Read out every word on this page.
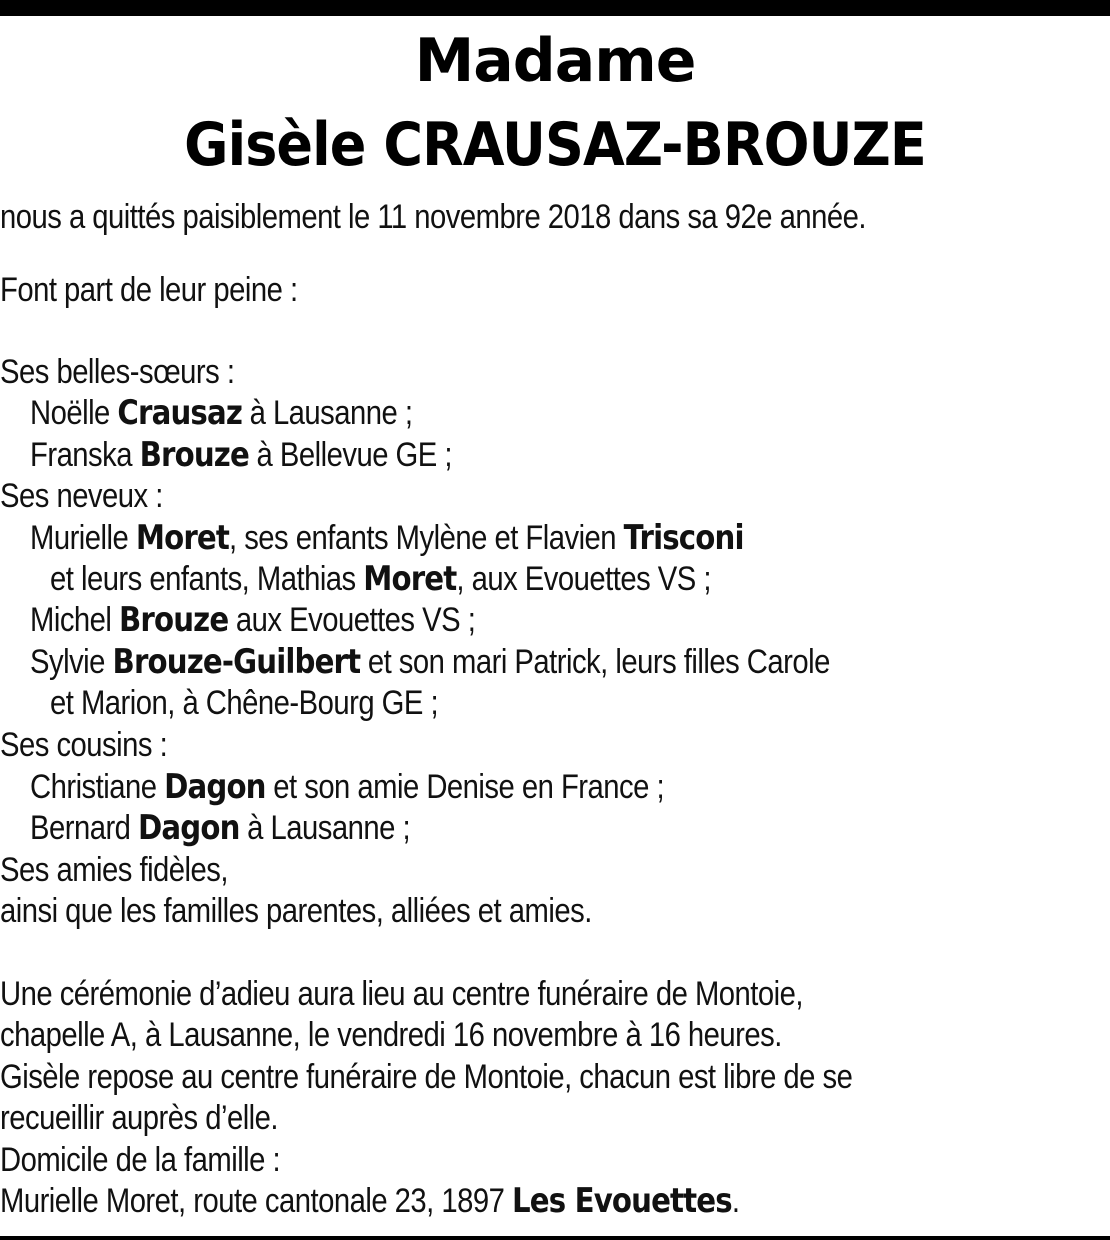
Madame
Gisèle CRAUSAZ-BROUZE
nous a quittés paisiblement le 11 novembre 2018 dans sa 92e année.
Font part de leur peine :
Ses belles-sœurs :
Noëlle Crausaz à Lausanne ;
Franska Brouze à Bellevue GE ;
Ses neveux :
Murielle Moret, ses enfants Mylène et Flavien Trisconi
et leurs enfants, Mathias Moret, aux Evouettes VS ;
Michel Brouze aux Evouettes VS ;
Sylvie Brouze-Guilbert et son mari Patrick, leurs filles Carole
et Marion, à Chêne-Bourg GE ;
Ses cousins :
Christiane Dagon et son amie Denise en France ;
Bernard Dagon à Lausanne ;
Ses amies fidèles,
ainsi que les familles parentes, alliées et amies.
Une cérémonie d’adieu aura lieu au centre funéraire de Montoie,
chapelle A, à Lausanne, le vendredi 16 novembre à 16 heures.
Gisèle repose au centre funéraire de Montoie, chacun est libre de se
recueillir auprès d’elle.
Domicile de la famille :
Murielle Moret, route cantonale 23, 1897 Les Evouettes.
